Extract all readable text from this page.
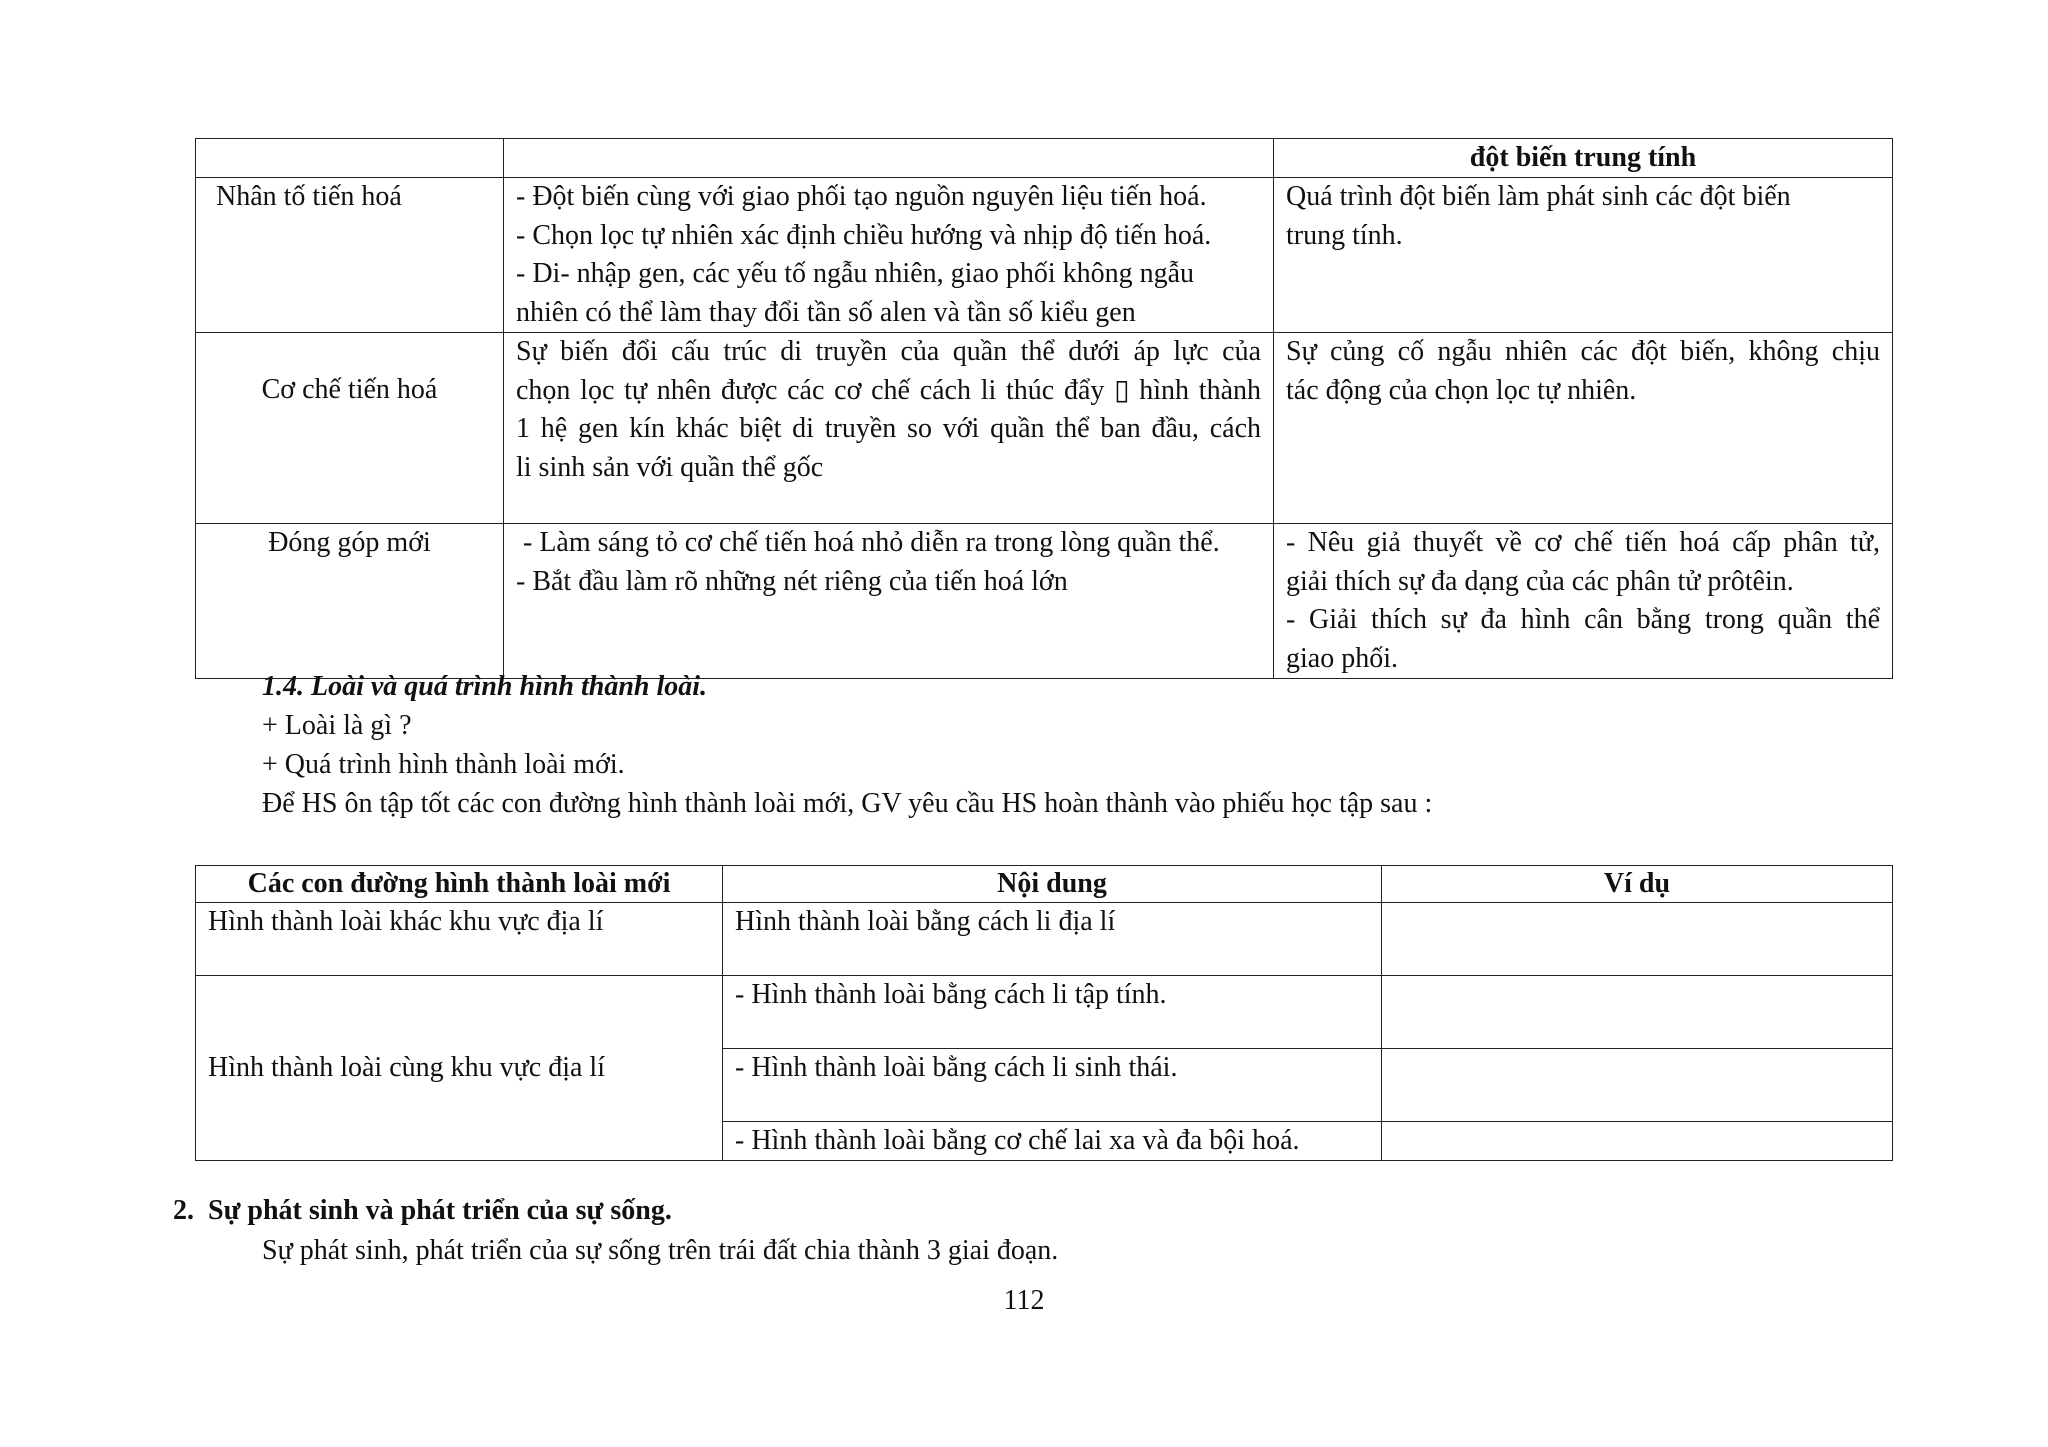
		đột biến trung tính
Nhân tố tiến hoá	- Đột biến cùng với giao phối tạo nguồn nguyên liệu tiến hoá.
- Chọn lọc tự nhiên xác định chiều hướng và nhịp độ tiến hoá.
- Di- nhập gen, các yếu tố ngẫu nhiên, giao phối không ngẫu
nhiên có thể làm thay đổi tần số alen và tần số kiểu gen	Quá trình đột biến làm phát sinh các đột biến
trung tính.

Cơ chế tiến hoá	Sự biến đổi cấu trúc di truyền của quần thể dưới áp lực của
chọn lọc tự nhên được các cơ chế cách li thúc đẩy ▯ hình thành
1 hệ gen kín khác biệt di truyền so với quần thể ban đầu, cách
li sinh sản với quần thể gốc	Sự củng cố ngẫu nhiên các đột biến, không chịu
tác động của chọn lọc tự nhiên.

Đóng góp mới	- Làm sáng tỏ cơ chế tiến hoá nhỏ diễn ra trong lòng quần thể.
- Bắt đầu làm rõ những nét riêng của tiến hoá lớn	- Nêu giả thuyết về cơ chế tiến hoá cấp phân tử,
giải thích sự đa dạng của các phân tử prôtêin.
- Giải thích sự đa hình cân bằng trong quần thể
giao phối.
1.4. Loài và quá trình hình thành loài.
+ Loài là gì ?
+ Quá trình hình thành loài mới.
Để HS ôn tập tốt các con đường hình thành loài mới, GV yêu cầu HS hoàn thành vào phiếu học tập sau :
Các con đường hình thành loài mới	Nội dung	Ví dụ
Hình thành loài khác khu vực địa lí	Hình thành loài bằng cách li địa lí	
Hình thành loài cùng khu vực địa lí	- Hình thành loài bằng cách li tập tính.	
	- Hình thành loài bằng cách li sinh thái.	
	- Hình thành loài bằng cơ chế lai xa và đa bội hoá.	
2.  Sự phát sinh và phát triển của sự sống.
Sự phát sinh, phát triển của sự sống trên trái đất chia thành 3 giai đoạn.
112
